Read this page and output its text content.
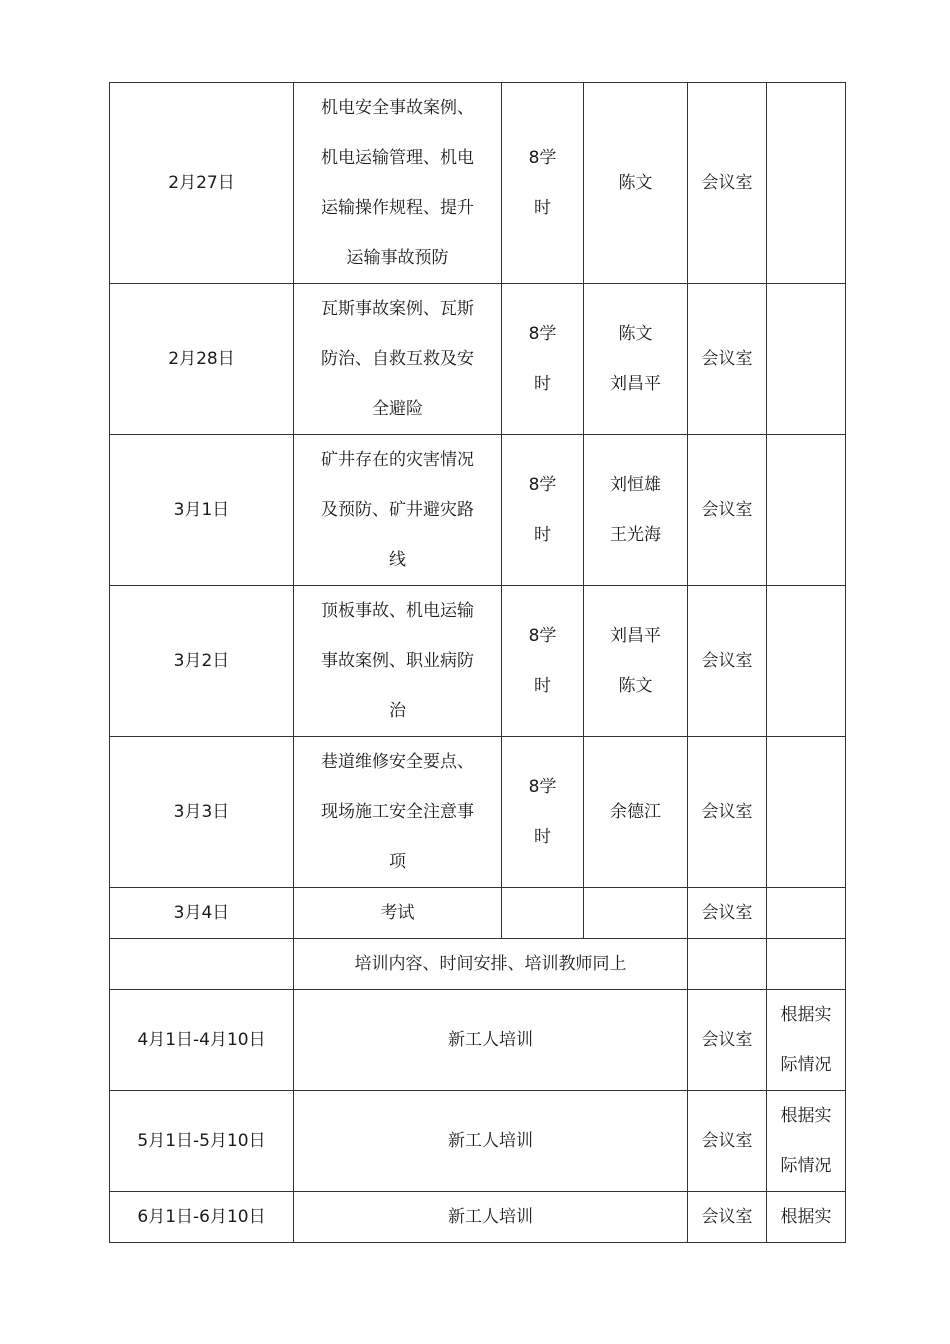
2月27日	机电安全事故案例、
机电运输管理、机电
运输操作规程、提升
运输事故预防	8学
时	陈文	会议室	

2月28日	瓦斯事故案例、瓦斯
防治、自救互救及安
全避险	8学
时	陈文
刘昌平	会议室	

3月1日	矿井存在的灾害情况
及预防、矿井避灾路
线	8学
时	刘恒雄
王光海	会议室	

3月2日	顶板事故、机电运输
事故案例、职业病防
治	8学
时	刘昌平
陈文	会议室	

3月3日	巷道维修安全要点、
现场施工安全注意事
项	8学
时	余德江	会议室	

3月4日	考试			会议室	

	培训内容、时间安排、培训教师同上				

4月1日-4月10日	新工人培训			会议室	根据实
际情况

5月1日-5月10日	新工人培训			会议室	根据实
际情况

6月1日-6月10日	新工人培训			会议室	根据实
